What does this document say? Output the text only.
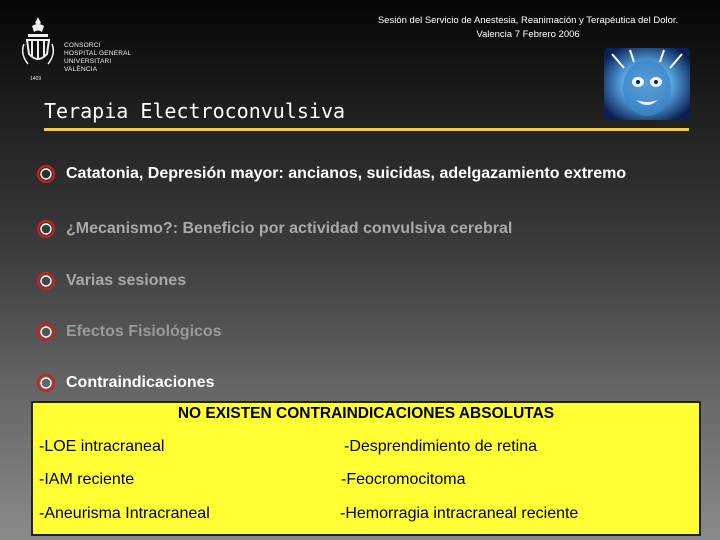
CONSORCI
HOSPITAL GENERAL
UNIVERSITARI
VALÈNCIA
1409
Sesión del Servicio de Anestesia, Reanimación y Terapéutica del Dolor.
Valencia 7 Febrero 2006
Terapia Electroconvulsiva
Catatonia, Depresión mayor: ancianos, suicidas, adelgazamiento extremo
¿Mecanismo?: Beneficio por actividad convulsiva cerebral
Varias sesiones
Efectos Fisiológicos
Contraindicaciones
NO EXISTEN CONTRAINDICACIONES ABSOLUTAS
-LOE intracraneal
-IAM reciente
-Aneurisma Intracraneal
-Desprendimiento de retina
-Feocromocitoma
-Hemorragia intracraneal reciente
